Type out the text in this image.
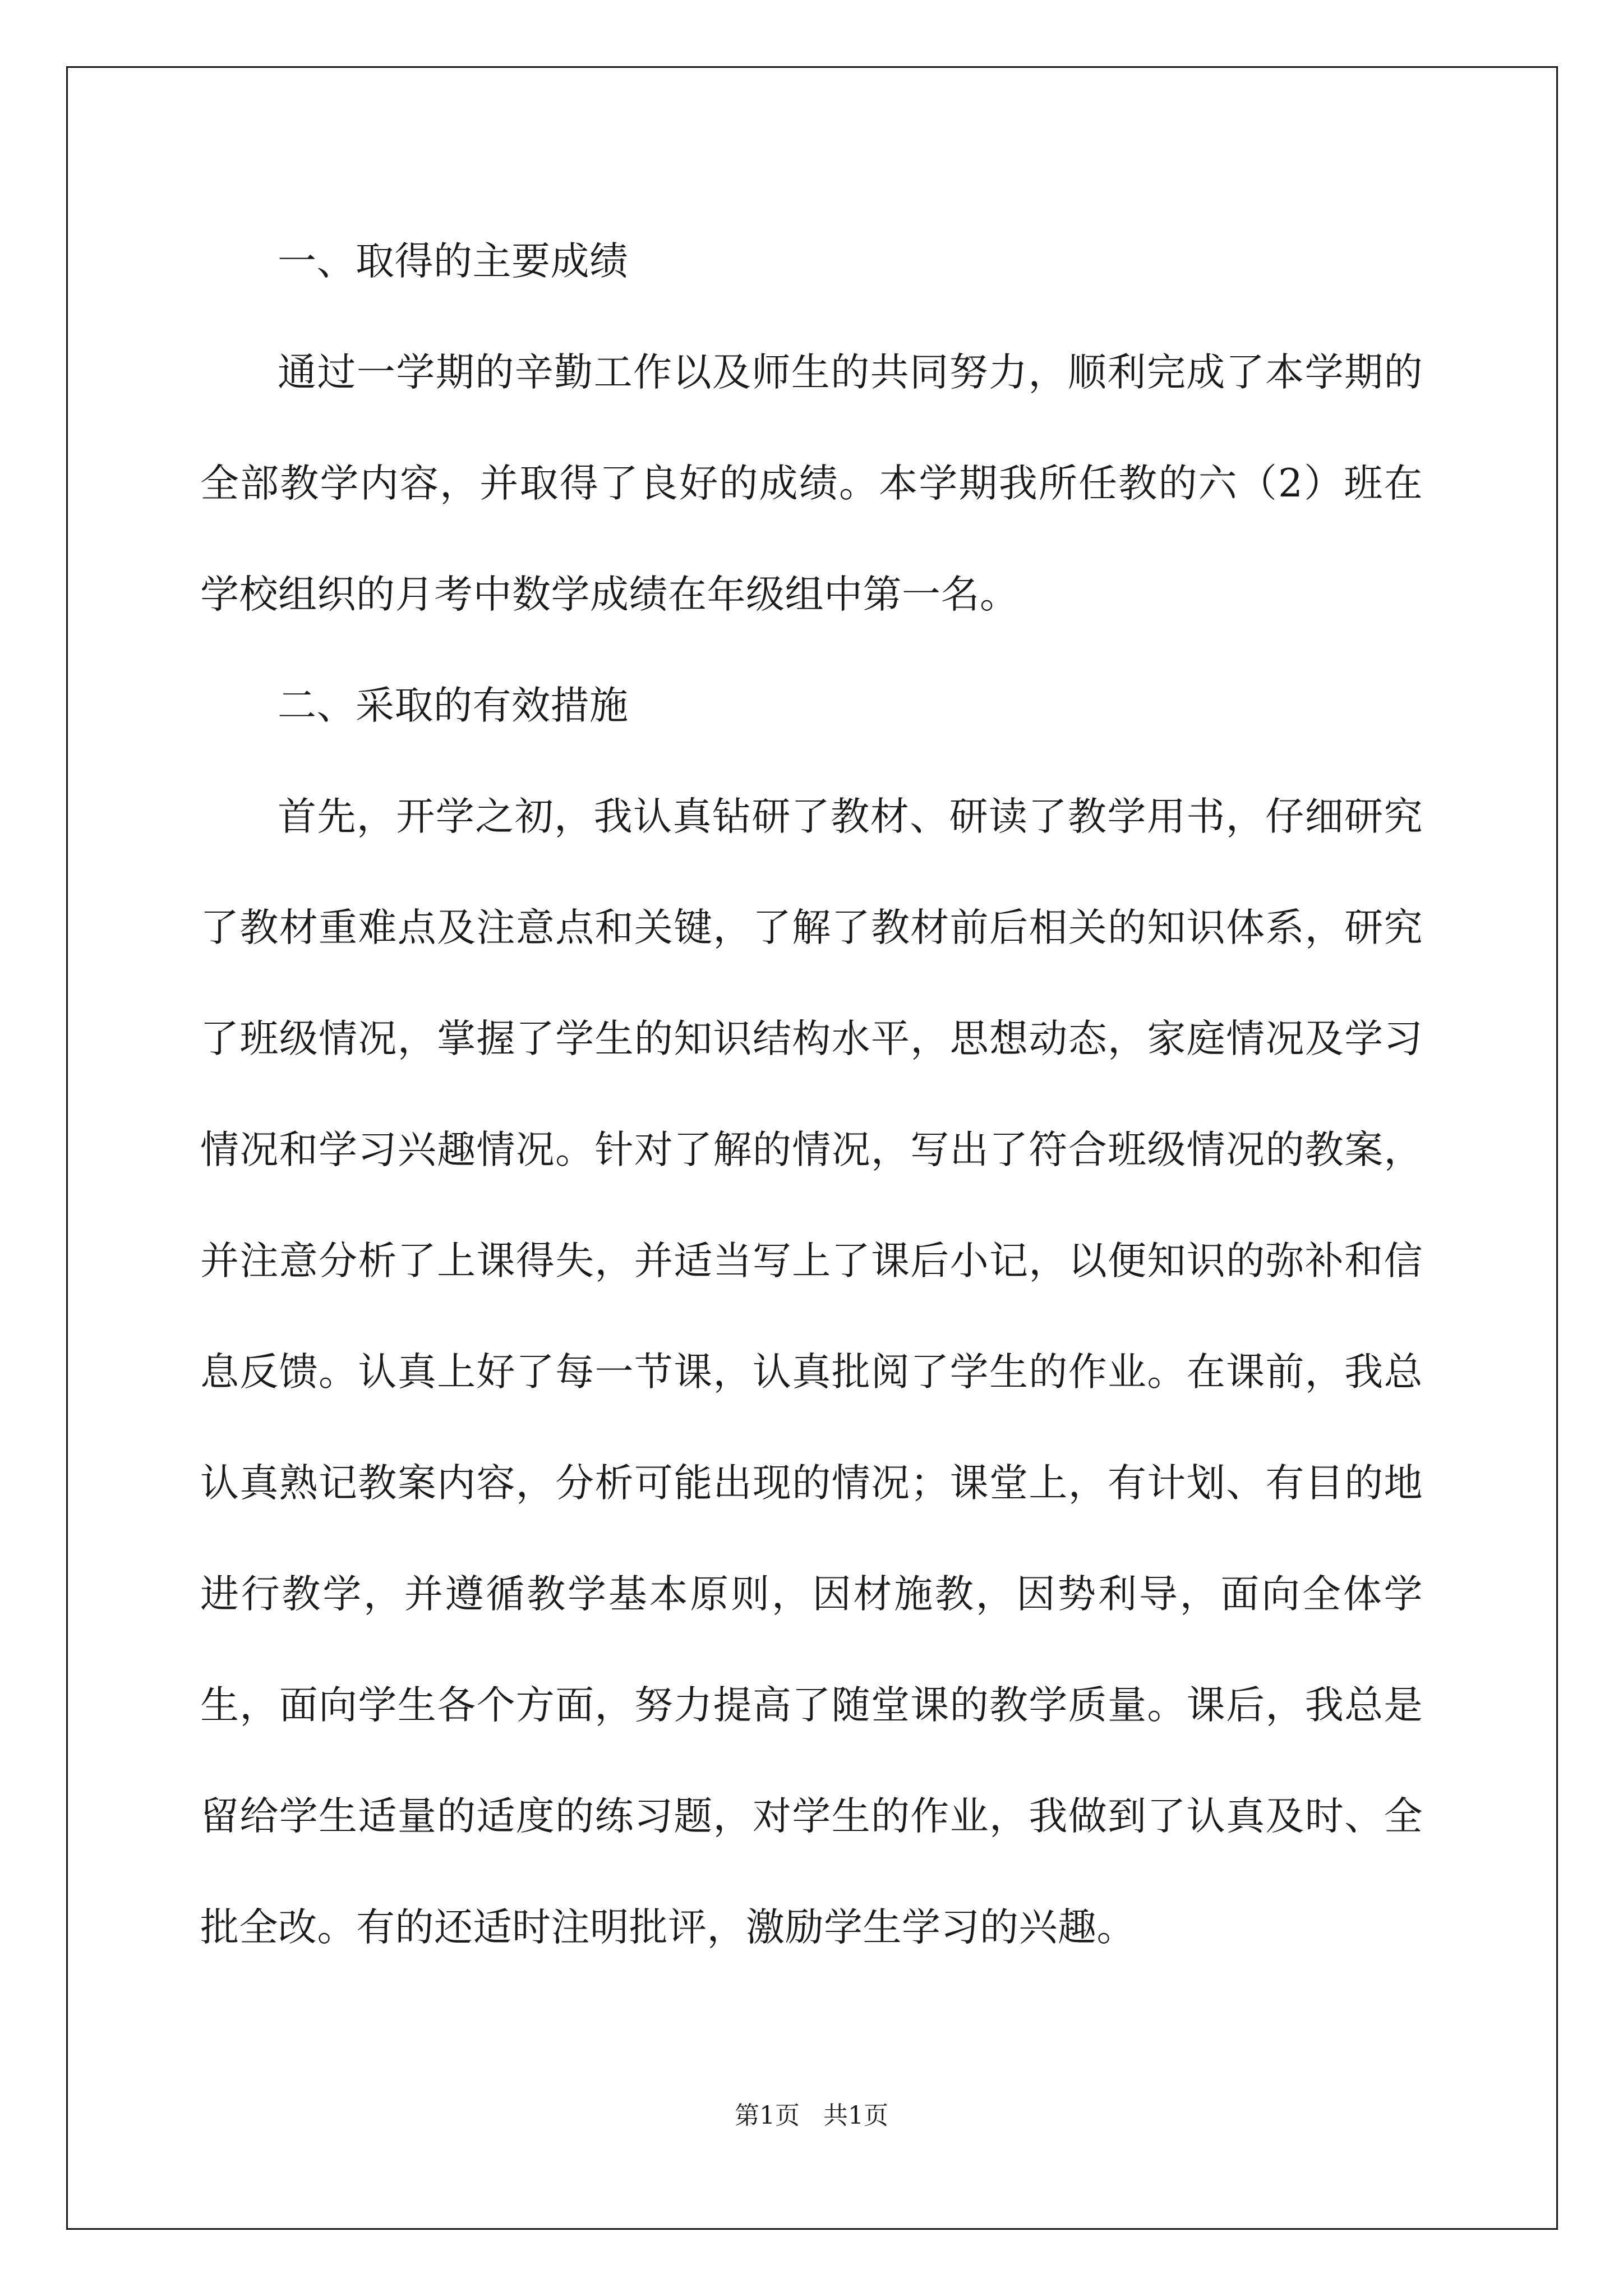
一、取得的主要成绩

通过一学期的辛勤工作以及师生的共同努力，顺利完成了本学期的全部教学内容，并取得了良好的成绩。本学期我所任教的六（2）班在学校组织的月考中数学成绩在年级组中第一名。

二、采取的有效措施

首先，开学之初，我认真钻研了教材、研读了教学用书，仔细研究了教材重难点及注意点和关键，了解了教材前后相关的知识体系，研究了班级情况，掌握了学生的知识结构水平，思想动态，家庭情况及学习情况和学习兴趣情况。针对了解的情况，写出了符合班级情况的教案，并注意分析了上课得失，并适当写上了课后小记，以便知识的弥补和信息反馈。认真上好了每一节课，认真批阅了学生的作业。在课前，我总认真熟记教案内容，分析可能出现的情况；课堂上，有计划、有目的地进行教学，并遵循教学基本原则，因材施教，因势利导，面向全体学生，面向学生各个方面，努力提高了随堂课的教学质量。课后，我总是留给学生适量的适度的练习题，对学生的作业，我做到了认真及时、全批全改。有的还适时注明批评，激励学生学习的兴趣。

第1页   共1页
